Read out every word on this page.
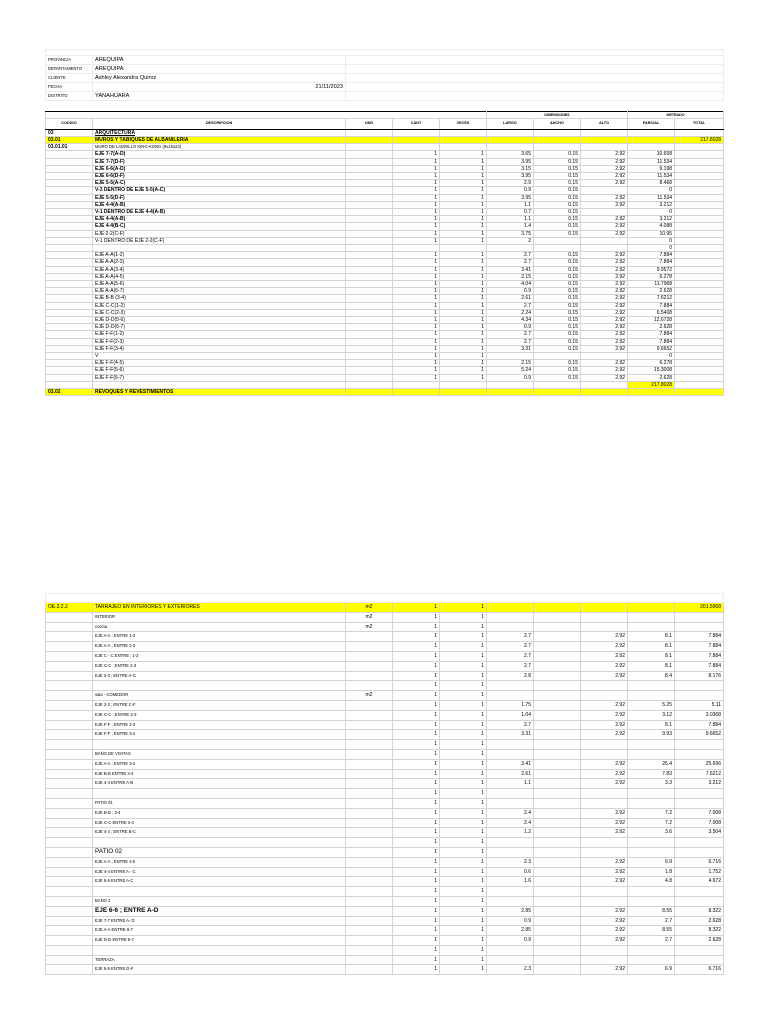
PROVINCIA	AREQUIPA	
DEPARTAMENTO	AREQUIPA	
CLIENTE	Ashley Alexandra Quiroz	
FECHA	21/11/2023	
DISTRITO	YANAHUARA	
					DIMENSIONES			METRADO	
CODIGO	DESCRIPCION	UND	CANT	VECES	LARGO	ANCHO	ALTO	PARCIAL	TOTAL
03	ARQUITECTURA								
03.01	MUROS Y TABIQUES DE ALBAÑILERIA								217.8028
03.01.01	MURO DE LADRILLO KING-KONG (9x15x23)								
	EJE 7-7(A-D)		1	1	3.65	0.15	2.92	10.658	
	EJE 7-7(D-F)		1	1	3.95	0.15	2.92	11.534	
	EJE 6-6(A-D)		1	1	3.15	0.15	2.92	9.198	
	EJE 6-6(D-F)		1	1	3.95	0.15	2.92	11.534	
	EJE 5-5(A-C)		1	1	2.9	0.15	2.92	8.468	
	V-3 DENTRO DE EJE 5-5(A-C)		1	1	0.9	0.15		0	
	EJE 5-5(D-F)		1	1	3.95	0.15	2.92	11.534	
	EJE 4-4(A-B)		1	1	1.1	0.15	2.92	3.212	
	V-1 DENTRO DE EJE 4-4(A-B)		1	1	0.7	0.15		0	
	EJE 4-4(A-B)		1	1	1.1	0.15	2.92	3.212	
	EJE 4-4(B-C)		1	1	1.4	0.15	2.92	4.088	
	EJE 2-2(C-F)		1	1	3.75	0.15	2.92	10.95	
	V-1 DENTRO DE EJE 2-2(C-F)		1	1	2			0	
								0	
	EJE A-A(1-2)		1	1	2.7	0.15	2.92	7.884	
	EJE A-A(2-3)		1	1	2.7	0.15	2.92	7.884	
	EJE A-A(3-4)		1	1	3.41	0.15	2.92	9.9572	
	EJE A-A(4-5)		1	1	2.15	0.15	2.92	6.278	
	EJE A-A(5-6)		1	1	4.04	0.15	2.92	11.7968	
	EJE A-A(6-7)		1	1	0.9	0.15	2.92	2.628	
	EJE B-B (3-4)		1	1	2.61	0.15	2.92	7.6212	
	EJE C-C(1-2)		1	1	2.7	0.15	2.92	7.884	
	EJE C-C(2-3)		1	1	2.24	0.15	2.92	6.5408	
	EJE D-D(5-6)		1	1	4.34	0.15	2.92	12.6728	
	EJE D-D(6-7)		1	1	0.9	0.15	2.92	2.628	
	EJE F-F(1-2)		1	1	2.7	0.15	2.92	7.884	
	EJE F-F(2-3)		1	1	2.7	0.15	2.92	7.884	
	EJE F-F(3-4)		1	1	3.31	0.15	2.92	9.6652	
	V		1	1				0	
	EJE F-F(4-5)		1	1	2.15	0.15	2.92	6.278	
	EJE F-F(5-6)		1	1	5.24	0.15	2.92	15.3008	
	EJE F-F(6-7)		1	1	0.9	0.15	2.92	2.628	
								217.8028	
03.02	REVOQUES Y REVESTIMIENTOS								

OE.3.2.2	TARRAJEO EN INTERIORES Y EXTERIORES	m2	1	1					201.5968
	INTERIOR	m2	1	1					
	cocina	m2	1	1					
	EJE A-A ; ENTRE 1-2		1	1	2.7		2.92	8.1	7.884
	EJE A-A ; ENTRE 2-3		1	1	2.7		2.92	8.1	7.884
	EJE C - C ENTRE ; 1-2		1	1	2.7		2.92	8.1	7.884
	EJE C-C ; ENTRE 2-3		1	1	2.7		2.92	8.1	7.884
	EJE 3-3 ; ENTRE A-C		1	1	2.8		2.92	8.4	8.176
			1	1					
	sala - COMEDOR	m2	1	1					
	EJE 2-2 ; ENTRE C-F		1	1	1.75		2.92	5.25	5.11
	EJE C-C ; ENYRE 2-3		1	1	1.04		2.92	3.12	3.0368
	EJE F-F ; ENTRE 2-3		1	1	2.7		2.92	8.1	7.884
	EJE F-F ; ENTRE 3-4		1	1	3.31		2.92	9.93	9.6652
			1	1					
	BAÑO DE VISITAS		1	1					
	EJE A-A ; ENTRE 3-4		1	1	3.41		2.92	26.4	25.696
	EJE B-B ENTRE 3-4		1	1	2.61		2.92	7.83	7.6212
	EJE 4-4 ENTRE A-B		1	1	1.1		2.92	3.3	3.212
			1	1					
	PATIO 01		1	1					
	EJE B-B ; 3-4		1	1	2.4		2.92	7.2	7.008
	EJE C-C ENTRE 3-4		1	1	2.4		2.92	7.2	7.008
	EJE 4-4 ; ENTRE B-C		1	1	1.2		2.92	3.6	3.504
			1	1					
	PATIO 02		1	1					
	EJE A-A ; ENTRE 4-5		1	1	2.3		2.92	6.9	6.716
	EJE 4-4 ENTRE A - C		1	1	0.6		2.92	1.8	1.752
	EJE 5-5 ENTRE A-C		1	1	1.6		2.92	4.8	4.672
			1	1					
	BAÑO 2		1	1					
	EJE 6-6 ; ENTRE A-D		1	1	2.85		2.92	8.55	8.322
	EJE 7-7 ENTRE A- D		1	1	0.9		2.92	2.7	2.628
	EJE A-A ENTRE 6-7		1	1	2.85		2.92	8.55	8.322
	EJE D-D ENTRE 6-7		1	1	0.9		2.92	2.7	2.628
			1	1					
	TERRAZA		1	1					
	EJE 5-5 ENTRE D-F		1	1	2.3		2.92	6.9	6.716
